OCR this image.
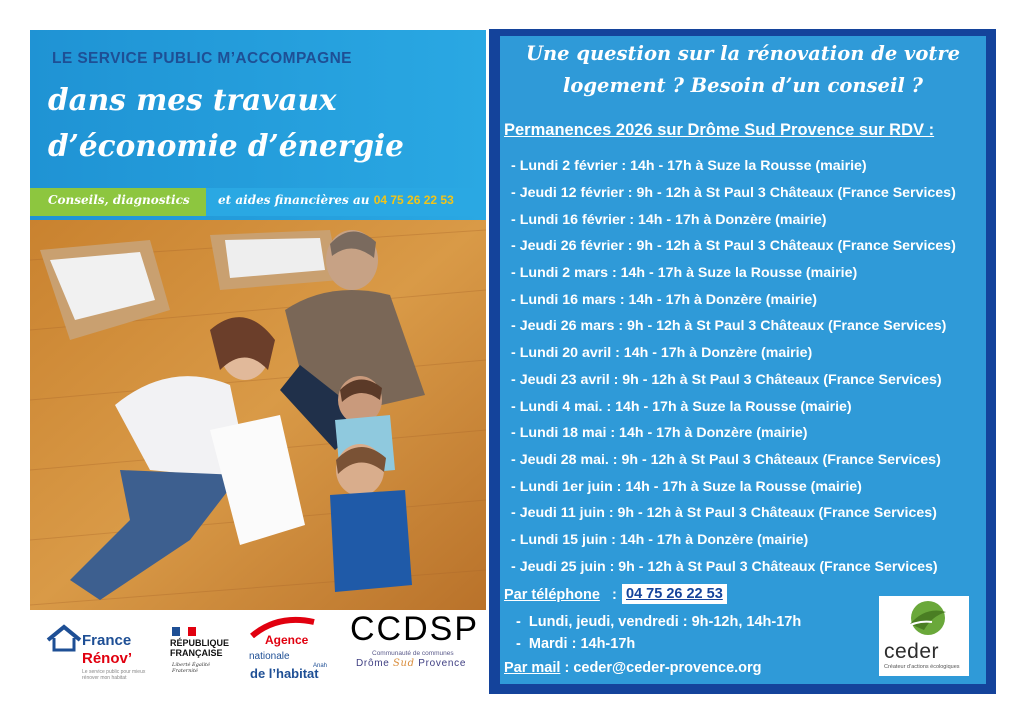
LE SERVICE PUBLIC M’ACCOMPAGNE
dans mes travaux
d’économie d’énergie
Conseils, diagnostics et aides financières au 04 75 26 22 53
Une question sur la rénovation de votre
logement ? Besoin d’un conseil ?
Permanences 2026 sur Drôme Sud Provence sur RDV :
- Lundi 2 février : 14h - 17h à Suze la Rousse (mairie)
- Jeudi 12 février : 9h - 12h à St Paul 3 Châteaux (France Services)
- Lundi 16 février : 14h - 17h à Donzère (mairie)
- Jeudi 26 février : 9h - 12h à St Paul 3 Châteaux (France Services)
- Lundi 2 mars : 14h - 17h à Suze la Rousse (mairie)
- Lundi 16 mars : 14h - 17h à Donzère (mairie)
- Jeudi 26 mars : 9h - 12h à St Paul 3 Châteaux (France Services)
- Lundi 20 avril : 14h - 17h à Donzère (mairie)
- Jeudi 23 avril : 9h - 12h à St Paul 3 Châteaux (France Services)
- Lundi 4 mai. : 14h - 17h à Suze la Rousse (mairie)
- Lundi 18 mai : 14h - 17h à Donzère (mairie)
- Jeudi 28 mai. : 9h - 12h à St Paul 3 Châteaux (France Services)
- Lundi 1er juin : 14h - 17h à Suze la Rousse (mairie)
- Jeudi 11 juin : 9h - 12h à St Paul 3 Châteaux (France Services)
- Lundi 15 juin : 14h - 17h à Donzère (mairie)
- Jeudi 25 juin : 9h - 12h à St Paul 3 Châteaux (France Services)
Par téléphone : 04 75 26 22 53
-  Lundi, jeudi, vendredi : 9h-12h, 14h-17h
-  Mardi : 14h-17h
Par mail : ceder@ceder-provence.org
ceder
Créateur d’actions écologiques
France
Rénov’
Le service public pour mieux rénover mon habitat
RÉPUBLIQUE
FRANÇAISE
Liberté Égalité Fraternité
Agence
nationale
Anah
de l’habitat
CCDSP
Communauté de communes
Drôme Sud Provence
